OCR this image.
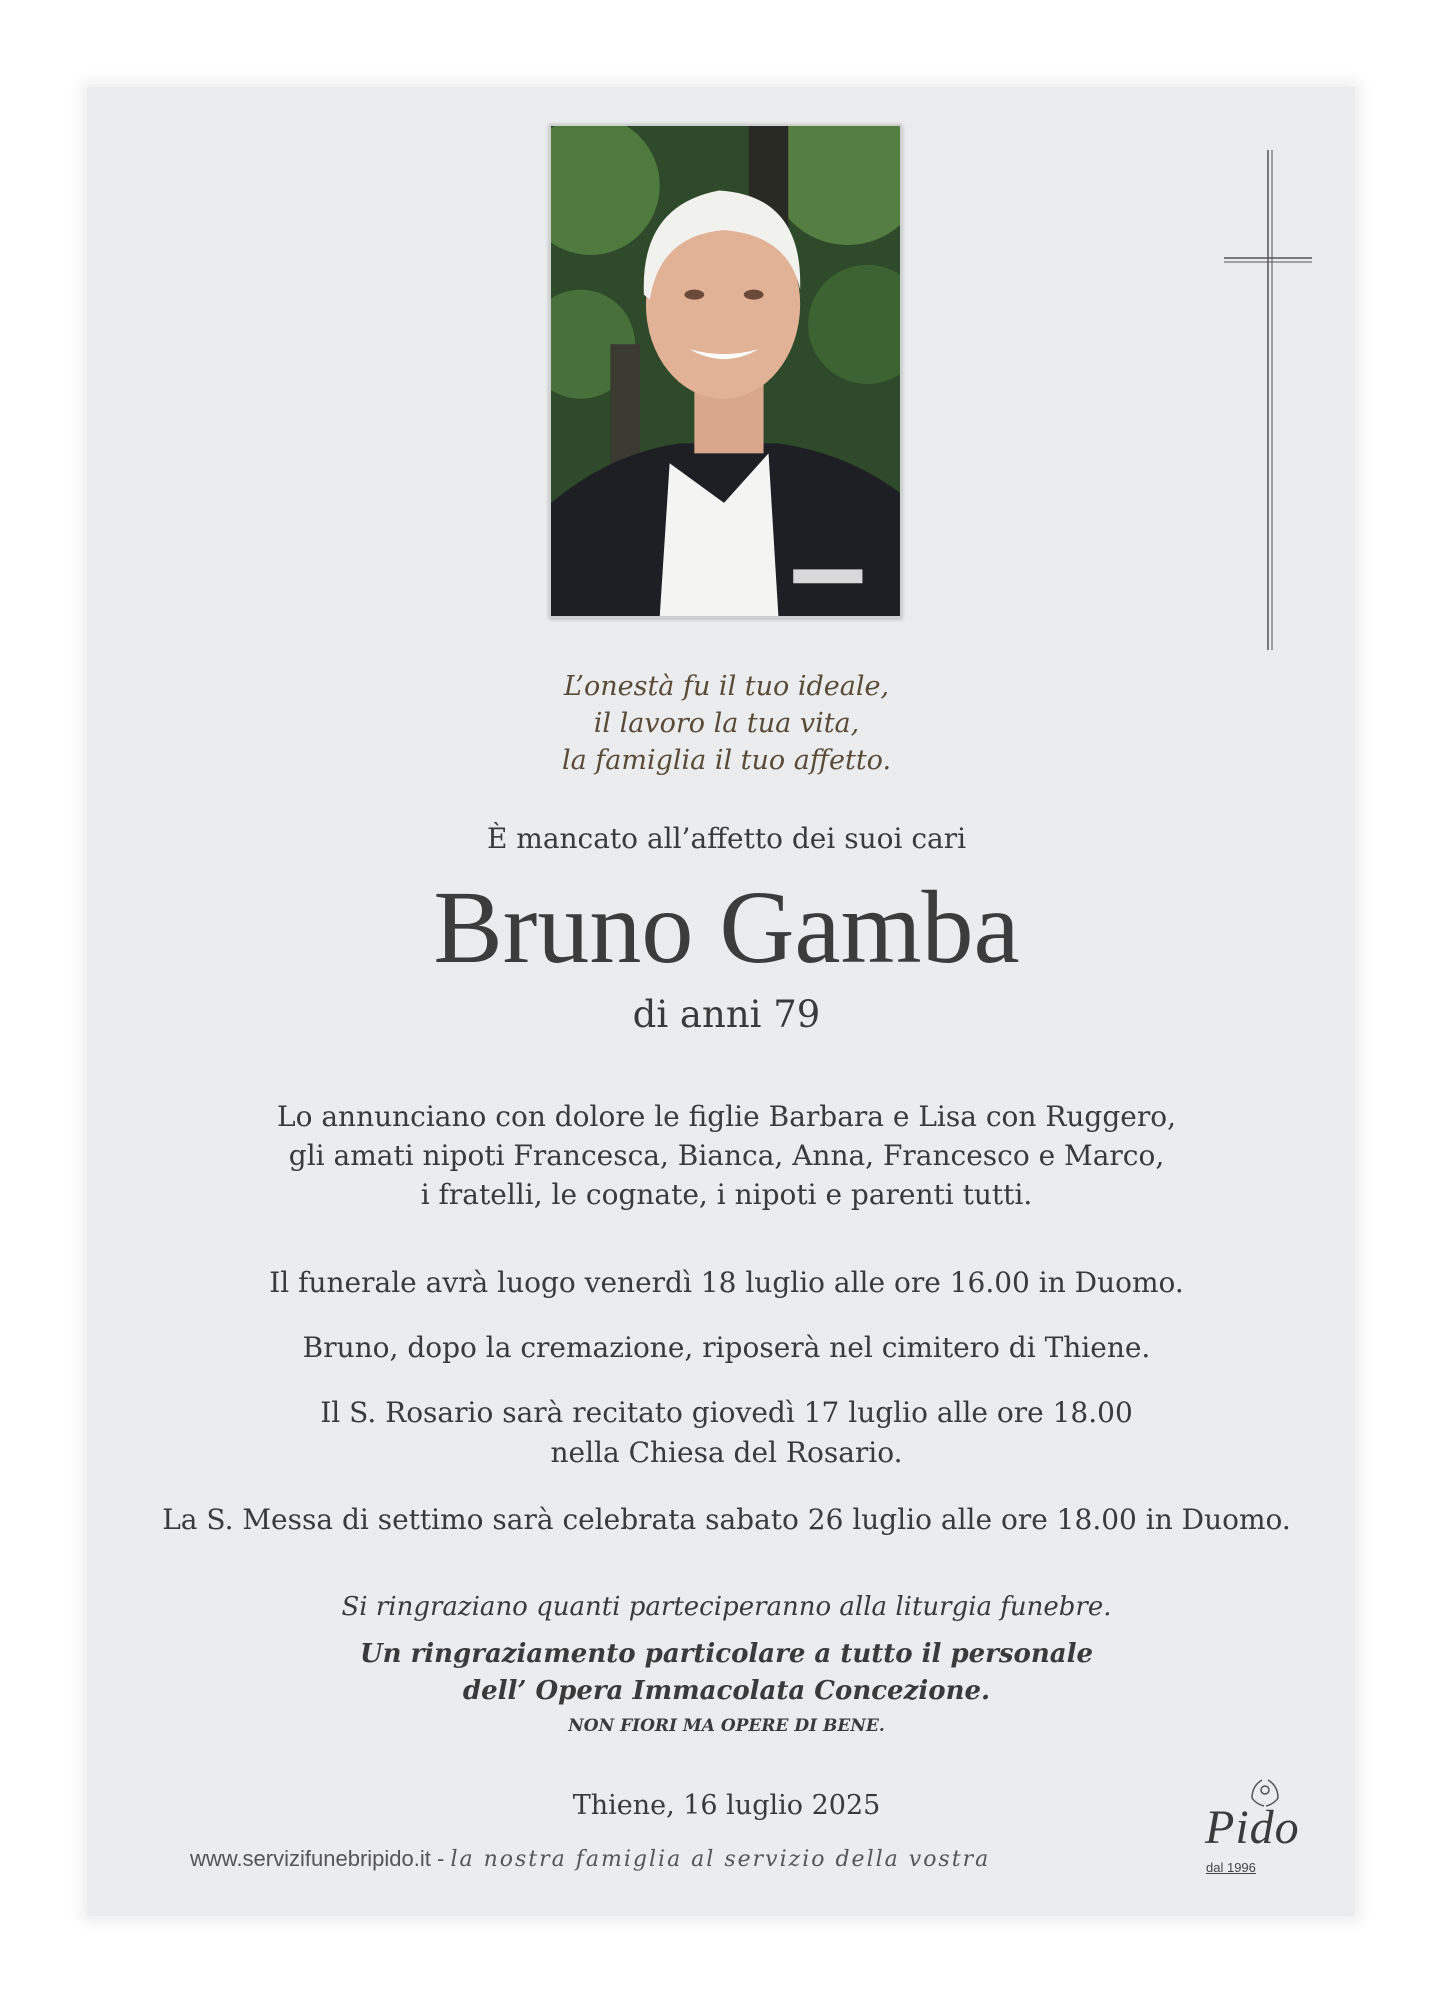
L’onestà fu il tuo ideale,
il lavoro la tua vita,
la famiglia il tuo affetto.
È mancato all’affetto dei suoi cari
Bruno Gamba
di anni 79
Lo annunciano con dolore le figlie Barbara e Lisa con Ruggero,
gli amati nipoti Francesca, Bianca, Anna, Francesco e Marco,
i fratelli, le cognate, i nipoti e parenti tutti.
Il funerale avrà luogo venerdì 18 luglio alle ore 16.00 in Duomo.
Bruno, dopo la cremazione, riposerà nel cimitero di Thiene.
Il S. Rosario sarà recitato giovedì 17 luglio alle ore 18.00
nella Chiesa del Rosario.
La S. Messa di settimo sarà celebrata sabato 26 luglio alle ore 18.00 in Duomo.
Si ringraziano quanti parteciperanno alla liturgia funebre.
Un ringraziamento particolare a tutto il personale
dell’ Opera Immacolata Concezione.
NON FIORI MA OPERE DI BENE.
Thiene, 16 luglio 2025
www.servizifunebripido.it - la nostra famiglia al servizio della vostra
Pido
dal 1996
